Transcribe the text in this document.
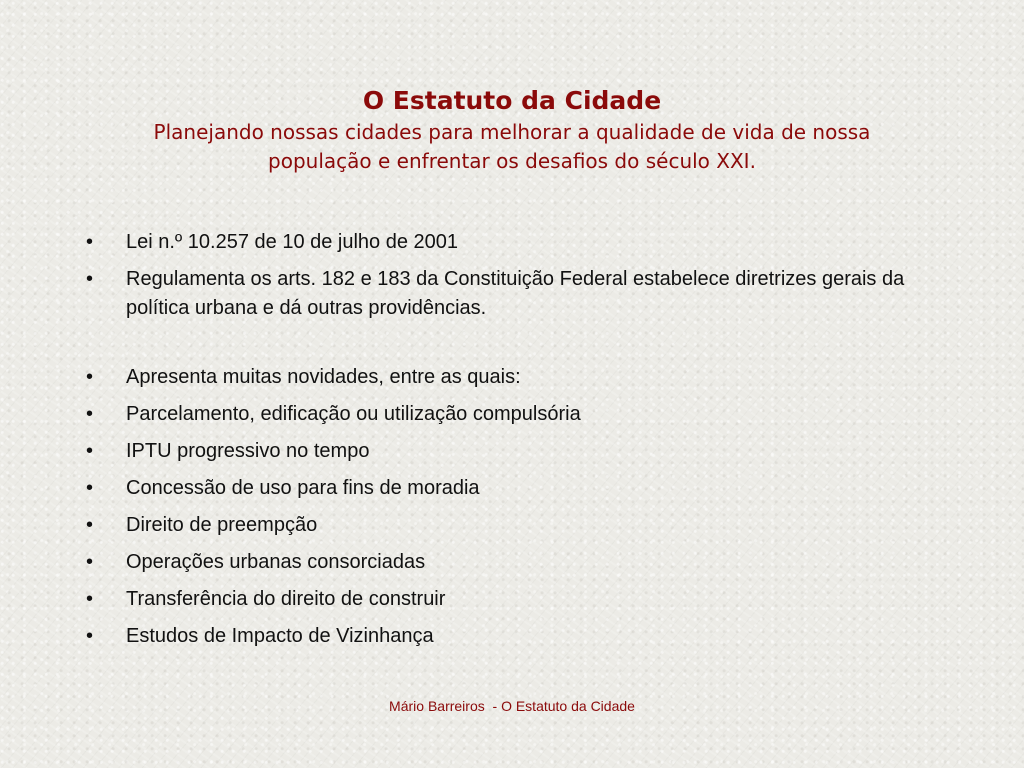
O Estatuto da Cidade

Planejando nossas cidades para melhorar a qualidade de vida de nossa

população e enfrentar os desafios do século XXI.

• Lei n.º 10.257 de 10 de julho de 2001
• Regulamenta os arts. 182 e 183 da Constituição Federal estabelece diretrizes gerais da política urbana e dá outras providências.
• Apresenta muitas novidades, entre as quais:
• Parcelamento, edificação ou utilização compulsória
• IPTU progressivo no tempo
• Concessão de uso para fins de moradia
• Direito de preempção
• Operações urbanas consorciadas
• Transferência do direito de construir
• Estudos de Impacto de Vizinhança
Mário Barreiros  - O Estatuto da Cidade
